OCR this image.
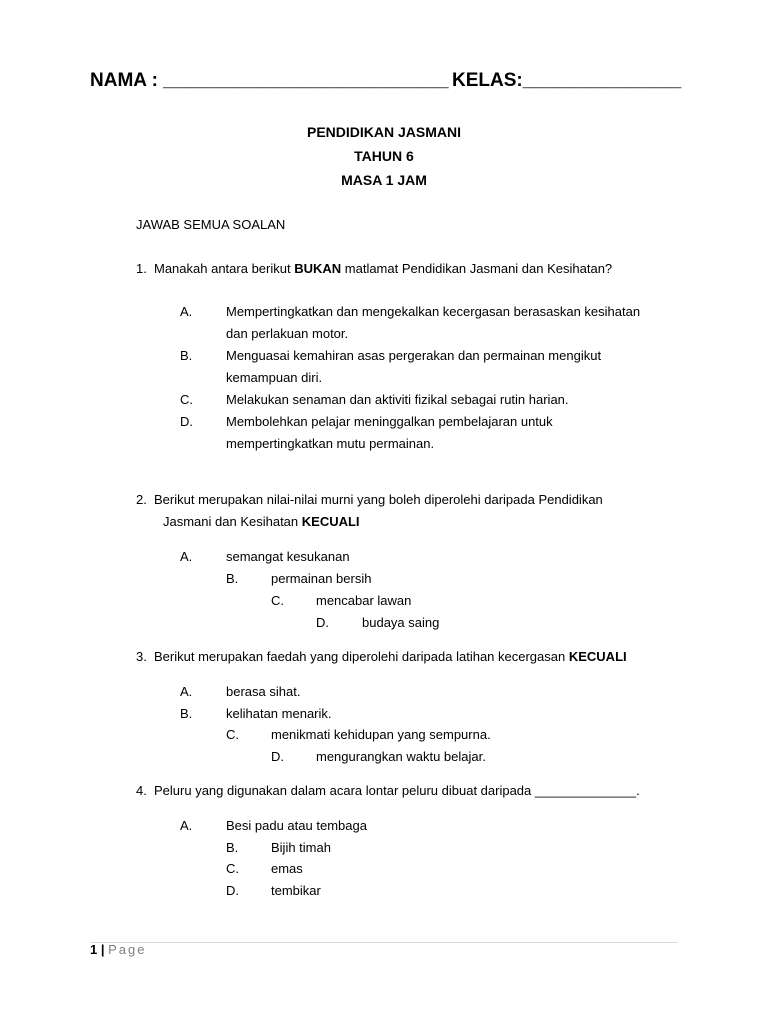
NAMA : ___________________________ KELAS:_______________
PENDIDIKAN JASMANI
TAHUN 6
MASA 1 JAM
JAWAB SEMUA SOALAN
1. Manakah antara berikut BUKAN matlamat Pendidikan Jasmani dan Kesihatan?
A.	Mempertingkatkan dan mengekalkan kecergasan berasaskan kesihatan
dan perlakuan motor.
B.	Menguasai kemahiran asas pergerakan dan permainan mengikut
kemampuan diri.
C.	Melakukan senaman dan aktiviti fizikal sebagai rutin harian.
D.	Membolehkan pelajar meninggalkan pembelajaran untuk
mempertingkatkan mutu permainan.
2. Berikut merupakan nilai-nilai murni yang boleh diperolehi daripada Pendidikan
Jasmani dan Kesihatan KECUALI
A.	semangat kesukanan
B.	permainan bersih
C. mencabar lawan
D.	budaya saing
3. Berikut merupakan faedah yang diperolehi daripada latihan kecergasan KECUALI
A.	berasa sihat.
B.	kelihatan menarik.
C. menikmati kehidupan yang sempurna.
D. mengurangkan waktu belajar.
4. Peluru yang digunakan dalam acara lontar peluru dibuat daripada ______________.
A.	Besi padu atau tembaga
B.	Bijih timah
C. emas
D. tembikar
1 | Page
